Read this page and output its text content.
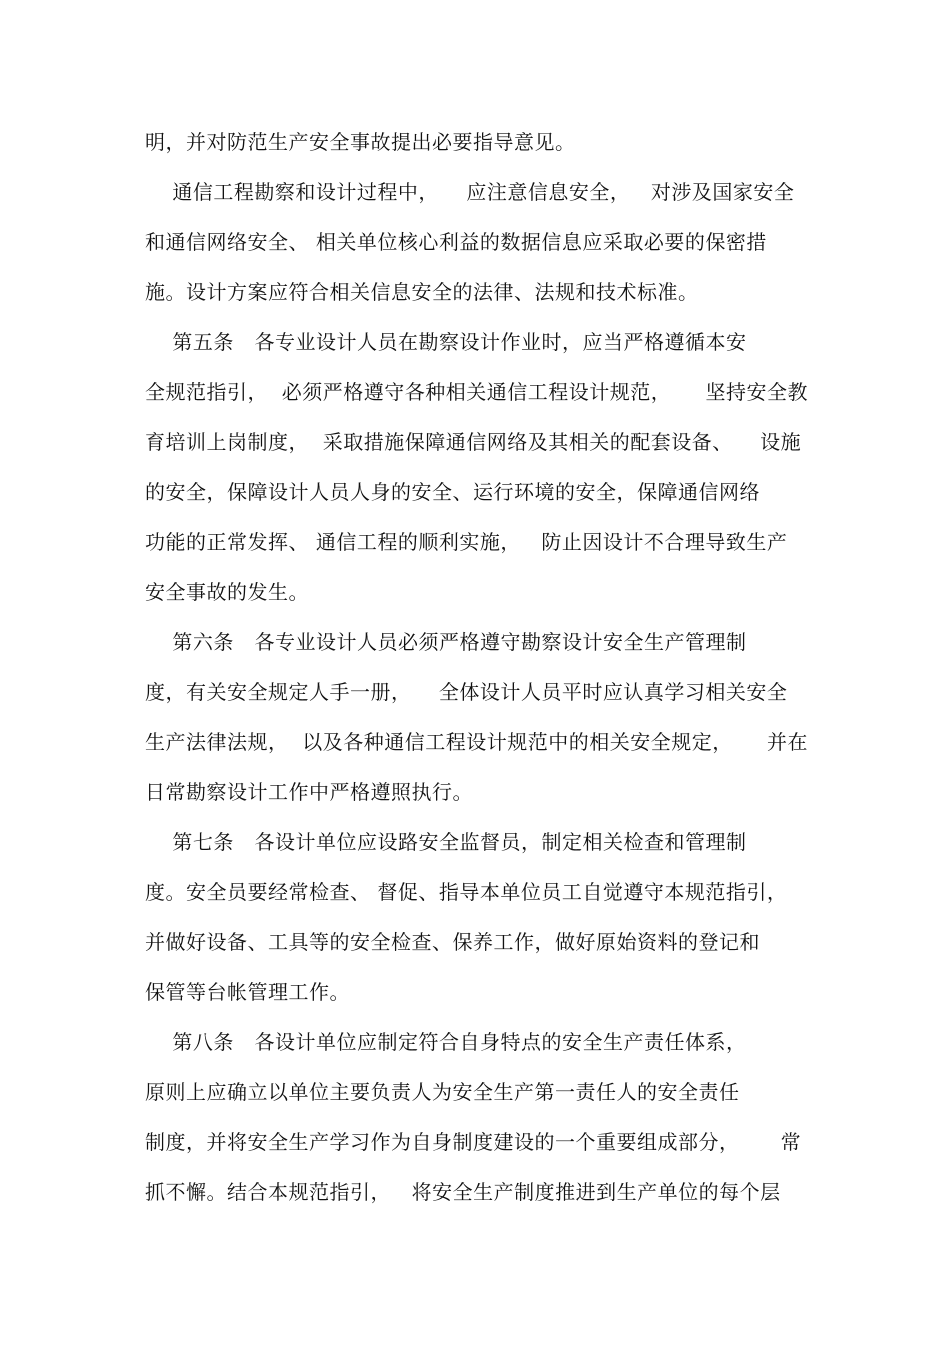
明，并对防范生产安全事故提出必要指导意见。
通信工程勘察和设计过程中，    应注意信息安全，   对涉及国家安全
和通信网络安全、 相关单位核心利益的数据信息应采取必要的保密措
施。设计方案应符合相关信息安全的法律、法规和技术标准。
第五条   各专业设计人员在勘察设计作业时，应当严格遵循本安
全规范指引，  必须严格遵守各种相关通信工程设计规范，     坚持安全教
育培训上岗制度，  采取措施保障通信网络及其相关的配套设备、    设施
的安全，保障设计人员人身的安全、运行环境的安全，保障通信网络
功能的正常发挥、 通信工程的顺利实施，   防止因设计不合理导致生产
安全事故的发生。
第六条   各专业设计人员必须严格遵守勘察设计安全生产管理制
度，有关安全规定人手一册，    全体设计人员平时应认真学习相关安全
生产法律法规，  以及各种通信工程设计规范中的相关安全规定，     并在
日常勘察设计工作中严格遵照执行。
第七条   各设计单位应设路安全监督员，制定相关检查和管理制
度。安全员要经常检查、 督促、指导本单位员工自觉遵守本规范指引，
并做好设备、工具等的安全检查、保养工作，做好原始资料的登记和
保管等台帐管理工作。
第八条   各设计单位应制定符合自身特点的安全生产责任体系，
原则上应确立以单位主要负责人为安全生产第一责任人的安全责任
制度，并将安全生产学习作为自身制度建设的一个重要组成部分，      常
抓不懈。结合本规范指引，   将安全生产制度推进到生产单位的每个层
